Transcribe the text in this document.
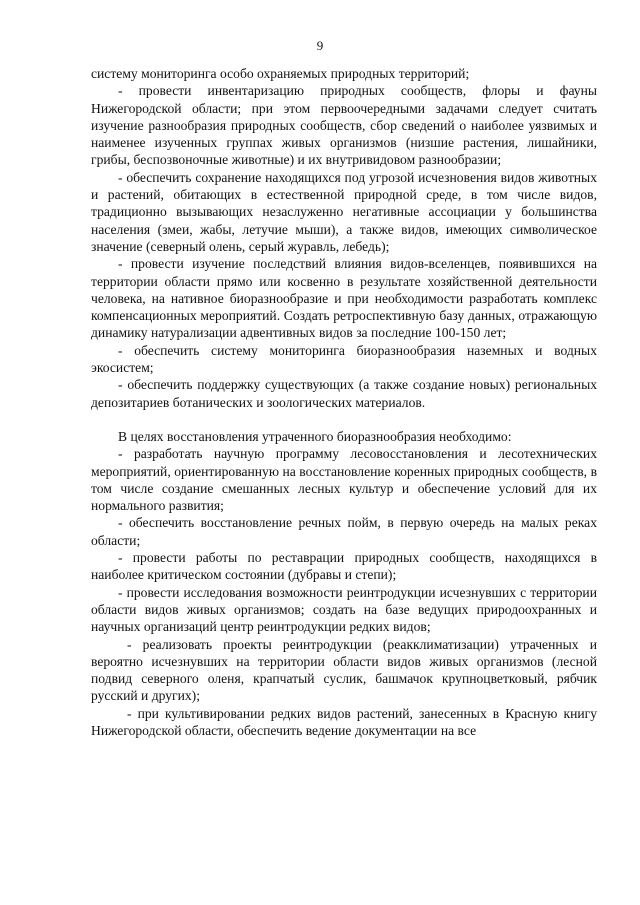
9

систему мониторинга особо охраняемых природных территорий;

- провести инвентаризацию природных сообществ, флоры и фауны Нижегородской области; при этом первоочередными задачами следует считать изучение разнообразия природных сообществ, сбор сведений о наиболее уязвимых и наименее изученных группах живых организмов (низшие растения, лишайники, грибы, беспозвоночные животные) и их внутривидовом разнообразии;

- обеспечить сохранение находящихся под угрозой исчезновения видов животных и растений, обитающих в естественной природной среде, в том числе видов, традиционно вызывающих незаслуженно негативные ассоциации у большинства населения (змеи, жабы, летучие мыши), а также видов, имеющих символическое значение (северный олень, серый журавль, лебедь);

- провести изучение последствий влияния видов-вселенцев, появившихся на территории области прямо или косвенно в результате хозяйственной деятельности человека, на нативное биоразнообразие и при необходимости разработать комплекс компенсационных мероприятий. Создать ретроспективную базу данных, отражающую динамику натурализации адвентивных видов за последние 100-150 лет;

- обеспечить систему мониторинга биоразнообразия наземных и водных экосистем;

- обеспечить поддержку существующих (а также создание новых) региональных депозитариев ботанических и зоологических материалов.

В целях восстановления утраченного биоразнообразия необходимо:

- разработать научную программу лесовосстановления и лесотехнических мероприятий, ориентированную на восстановление коренных природных сообществ, в том числе создание смешанных лесных культур и обеспечение условий для их нормального развития;

- обеспечить восстановление речных пойм, в первую очередь на малых реках области;

- провести работы по реставрации природных сообществ, находящихся в наиболее критическом состоянии (дубравы и степи);

- провести исследования возможности реинтродукции исчезнувших с территории области видов живых организмов; создать на базе ведущих природоохранных и научных организаций центр реинтродукции редких видов;

- реализовать проекты реинтродукции (реакклиматизации) утраченных и вероятно исчезнувших на территории области видов живых организмов (лесной подвид северного оленя, крапчатый суслик, башмачок крупноцветковый, рябчик русский и других);

- при культивировании редких видов растений, занесенных в Красную книгу Нижегородской области, обеспечить ведение документации на все
